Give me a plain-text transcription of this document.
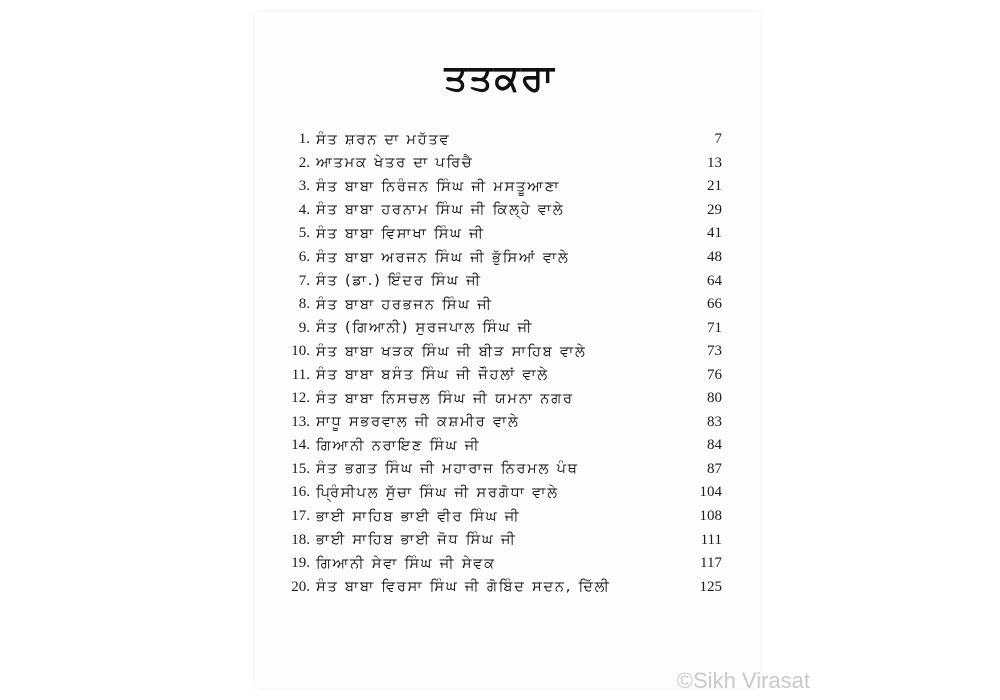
ਤਤਕਰਾ
1. ਸੰਤ ਸ਼ਰਨ ਦਾ ਮਹੱਤਵ	7
2. ਆਤਮਕ ਖੇਤਰ ਦਾ ਪਰਿਚੈ	13
3. ਸੰਤ ਬਾਬਾ ਨਿਰੰਜਨ ਸਿੰਘ ਜੀ ਮਸਤੂਆਣਾ	21
4. ਸੰਤ ਬਾਬਾ ਹਰਨਾਮ ਸਿੰਘ ਜੀ ਕਿਲ੍ਹੇ ਵਾਲੇ	29
5. ਸੰਤ ਬਾਬਾ ਵਿਸਾਖਾ ਸਿੰਘ ਜੀ	41
6. ਸੰਤ ਬਾਬਾ ਅਰਜਨ ਸਿੰਘ ਜੀ ਭੁੱਸਿਆਂ ਵਾਲੇ	48
7. ਸੰਤ (ਡਾ.) ਇੰਦਰ ਸਿੰਘ ਜੀ	64
8. ਸੰਤ ਬਾਬਾ ਹਰਭਜਨ ਸਿੰਘ ਜੀ	66
9. ਸੰਤ (ਗਿਆਨੀ) ਸੁਰਜਪਾਲ ਸਿੰਘ ਜੀ	71
10. ਸੰਤ ਬਾਬਾ ਖੜਕ ਸਿੰਘ ਜੀ ਬੀੜ ਸਾਹਿਬ ਵਾਲੇ	73
11. ਸੰਤ ਬਾਬਾ ਬਸੰਤ ਸਿੰਘ ਜੀ ਜੌਹਲਾਂ ਵਾਲੇ	76
12. ਸੰਤ ਬਾਬਾ ਨਿਸਚਲ ਸਿੰਘ ਜੀ ਯਮਨਾ ਨਗਰ	80
13. ਸਾਧੂ ਸਭਰਵਾਲ ਜੀ ਕਸ਼ਮੀਰ ਵਾਲੇ	83
14. ਗਿਆਨੀ ਨਰਾਇਣ ਸਿੰਘ ਜੀ	84
15. ਸੰਤ ਭਗਤ ਸਿੰਘ ਜੀ ਮਹਾਰਾਜ ਨਿਰਮਲ ਪੰਥ	87
16. ਪ੍ਰਿੰਸੀਪਲ ਸੁੱਚਾ ਸਿੰਘ ਜੀ ਸਰਗੋਧਾ ਵਾਲੇ	104
17. ਭਾਈ ਸਾਹਿਬ ਭਾਈ ਵੀਰ ਸਿੰਘ ਜੀ	108
18. ਭਾਈ ਸਾਹਿਬ ਭਾਈ ਜੋਧ ਸਿੰਘ ਜੀ	111
19. ਗਿਆਨੀ ਸੇਵਾ ਸਿੰਘ ਜੀ ਸੇਵਕ	117
20. ਸੰਤ ਬਾਬਾ ਵਿਰਸਾ ਸਿੰਘ ਜੀ ਗੋਬਿੰਦ ਸਦਨ, ਦਿੱਲੀ	125
©Sikh Virasat
